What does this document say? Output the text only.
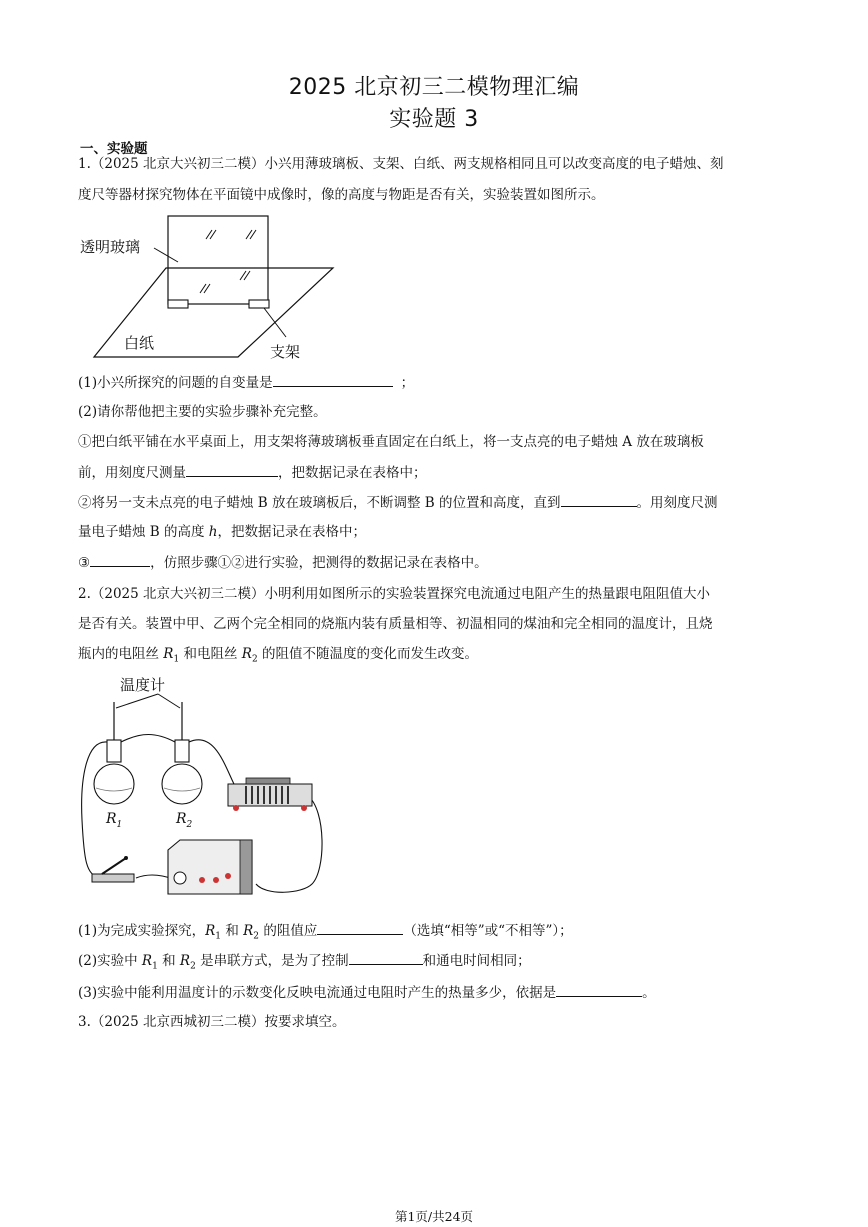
2025 北京初三二模物理汇编
实验题 3
一、实验题
1.（2025 北京大兴初三二模）小兴用薄玻璃板、支架、白纸、两支规格相同且可以改变高度的电子蜡烛、刻
度尺等器材探究物体在平面镜中成像时，像的高度与物距是否有关，实验装置如图所示。
透明玻璃
白纸	支架
(1)小兴所探究的问题的自变量是	；
(2)请你帮他把主要的实验步骤补充完整。
①把白纸平铺在水平桌面上，用支架将薄玻璃板垂直固定在白纸上，将一支点亮的电子蜡烛 A 放在玻璃板
前，用刻度尺测量	，把数据记录在表格中；
②将另一支未点亮的电子蜡烛 B 放在玻璃板后，不断调整 B 的位置和高度，直到	。用刻度尺测
量电子蜡烛 B 的高度 h，把数据记录在表格中；
③	，仿照步骤①②进行实验，把测得的数据记录在表格中。
2.（2025 北京大兴初三二模）小明利用如图所示的实验装置探究电流通过电阻产生的热量跟电阻阻值大小
是否有关。装置中甲、乙两个完全相同的烧瓶内装有质量相等、初温相同的煤油和完全相同的温度计，且烧
瓶内的电阻丝 $R_1$ 和电阻丝 $R_2$ 的阻值不随温度的变化而发生改变。
温度计
$R_1$	$R_2$
(1)为完成实验探究，$R_1$ 和 $R_2$ 的阻值应	（选填“相等”或“不相等”）；
(2)实验中 $R_1$ 和 $R_2$ 是串联方式，是为了控制	和通电时间相同；
(3)实验中能利用温度计的示数变化反映电流通过电阻时产生的热量多少，依据是	。
3.（2025 北京西城初三二模）按要求填空。
第1页/共24页
